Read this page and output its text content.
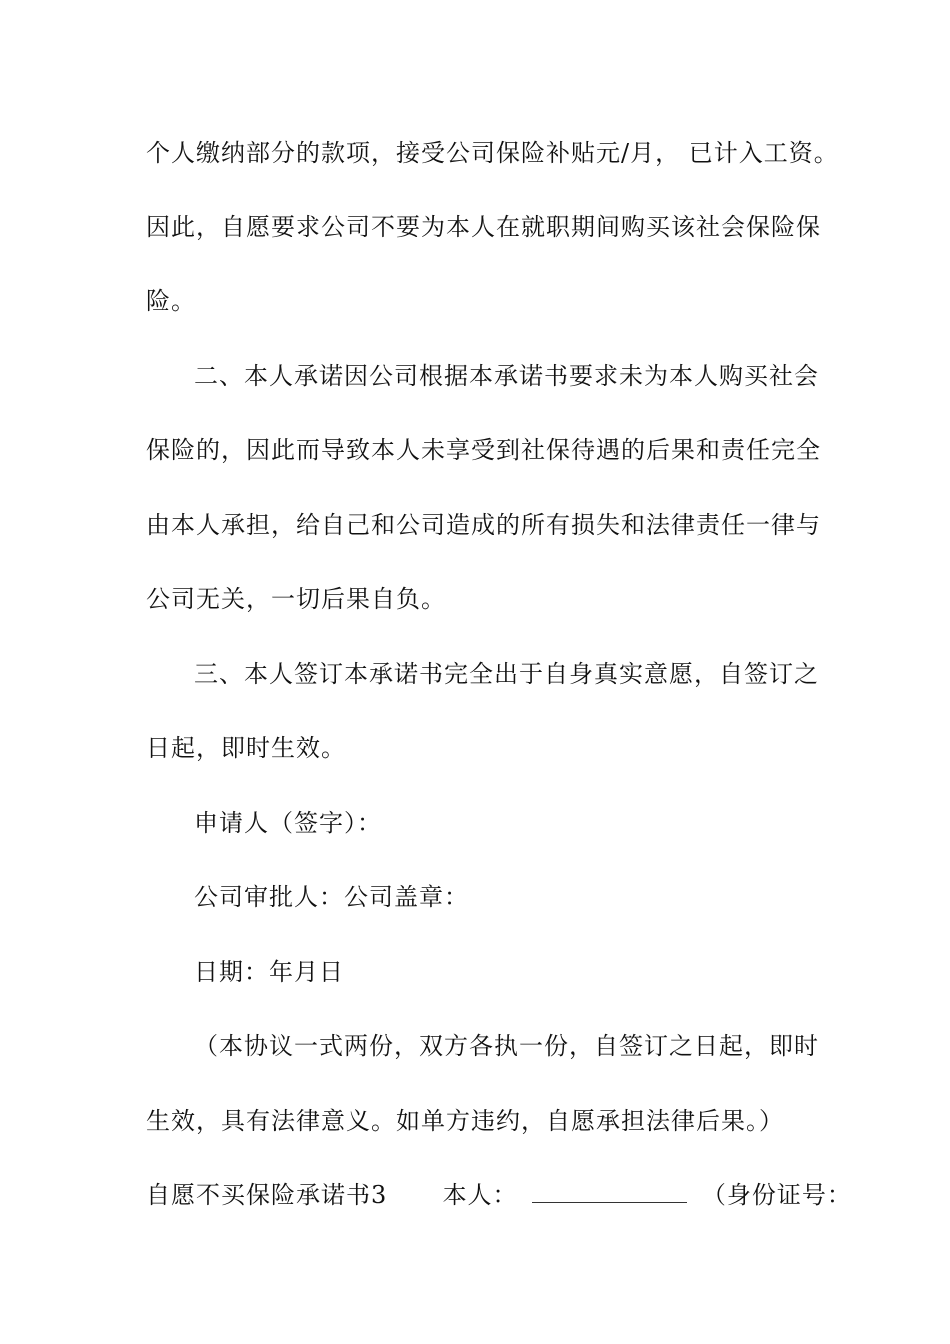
个人缴纳部分的款项，接受公司保险补贴元/月， 已计入工资。
因此，自愿要求公司不要为本人在就职期间购买该社会保险保
险。
二、本人承诺因公司根据本承诺书要求未为本人购买社会
保险的，因此而导致本人未享受到社保待遇的后果和责任完全
由本人承担，给自己和公司造成的所有损失和法律责任一律与
公司无关，一切后果自负。
三、本人签订本承诺书完全出于自身真实意愿，自签订之
日起，即时生效。
申请人（签字）：
公司审批人：公司盖章：
日期：年月日
（本协议一式两份，双方各执一份，自签订之日起，即时
生效，具有法律意义。如单方违约，自愿承担法律后果。）
自愿不买保险承诺书3 本人：	（身份证号：
